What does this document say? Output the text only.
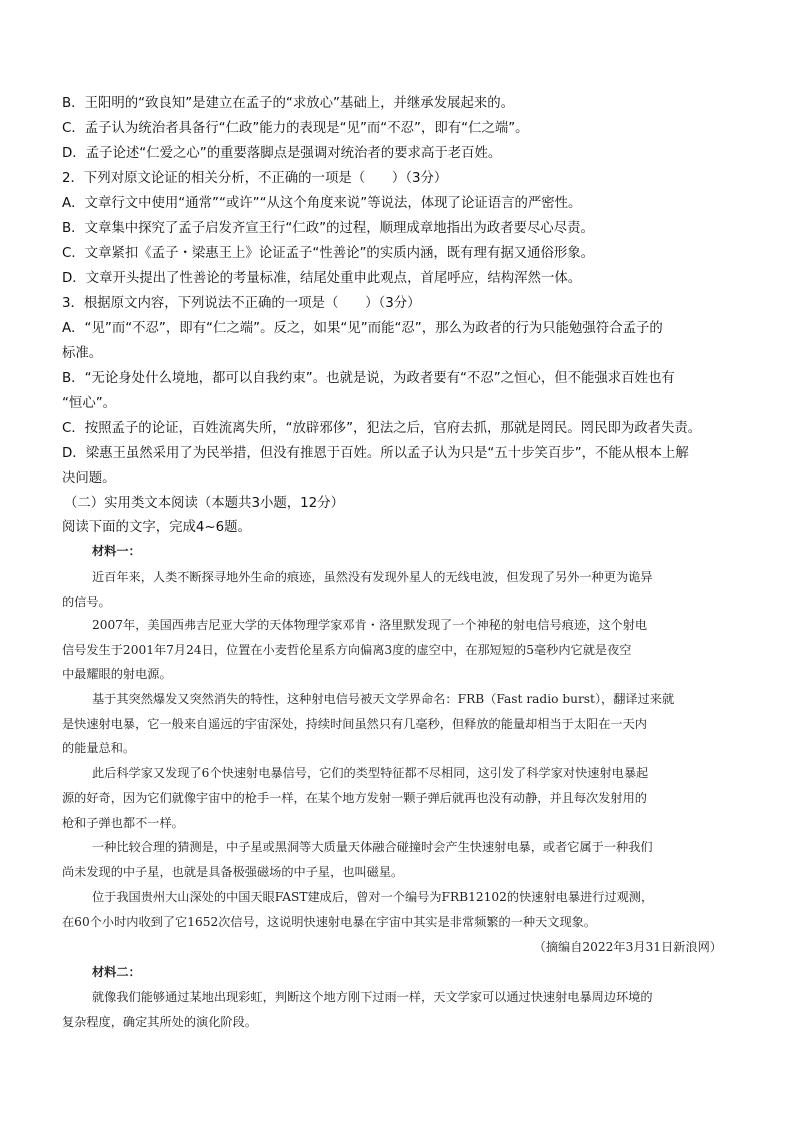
B．王阳明的“致良知”是建立在孟子的“求放心”基础上，并继承发展起来的。
C．孟子认为统治者具备行“仁政”能力的表现是“见”而“不忍”，即有“仁之端”。
D．孟子论述“仁爱之心”的重要落脚点是强调对统治者的要求高于老百姓。
2．下列对原文论证的相关分析，不正确的一项是（　　）（3分）
A．文章行文中使用“通常”“或许”“从这个角度来说”等说法，体现了论证语言的严密性。
B．文章集中探究了孟子启发齐宣王行“仁政”的过程，顺理成章地指出为政者要尽心尽责。
C．文章紧扣《孟子・梁惠王上》论证孟子“性善论”的实质内涵，既有理有据又通俗形象。
D．文章开头提出了性善论的考量标准，结尾处重申此观点，首尾呼应，结构浑然一体。
3．根据原文内容，下列说法不正确的一项是（　　）（3分）
A．“见”而“不忍”，即有“仁之端”。反之，如果“见”而能“忍”，那么为政者的行为只能勉强符合孟子的
标准。
B．“无论身处什么境地，都可以自我约束”。也就是说，为政者要有“不忍”之恒心，但不能强求百姓也有
“恒心”。
C．按照孟子的论证，百姓流离失所，“放辟邪侈”，犯法之后，官府去抓，那就是罔民。罔民即为政者失责。
D．梁惠王虽然采用了为民举措，但没有推恩于百姓。所以孟子认为只是“五十步笑百步”，不能从根本上解
决问题。
（二）实用类文本阅读（本题共3小题，12分）
阅读下面的文字，完成4~6题。
材料一：
近百年来，人类不断探寻地外生命的痕迹，虽然没有发现外星人的无线电波，但发现了另外一种更为诡异
的信号。
2007年，美国西弗吉尼亚大学的天体物理学家邓肯・洛里默发现了一个神秘的射电信号痕迹，这个射电
信号发生于2001年7月24日，位置在小麦哲伦星系方向偏离3度的虚空中，在那短短的5毫秒内它就是夜空
中最耀眼的射电源。
基于其突然爆发又突然消失的特性，这种射电信号被天文学界命名：FRB（Fast radio burst），翻译过来就
是快速射电暴，它一般来自遥远的宇宙深处，持续时间虽然只有几毫秒，但释放的能量却相当于太阳在一天内
的能量总和。
此后科学家又发现了6个快速射电暴信号，它们的类型特征都不尽相同，这引发了科学家对快速射电暴起
源的好奇，因为它们就像宇宙中的枪手一样，在某个地方发射一颗子弹后就再也没有动静，并且每次发射用的
枪和子弹也都不一样。
一种比较合理的猜测是，中子星或黑洞等大质量天体融合碰撞时会产生快速射电暴，或者它属于一种我们
尚未发现的中子星，也就是具备极强磁场的中子星，也叫磁星。
位于我国贵州大山深处的中国天眼FAST建成后，曾对一个编号为FRB12102的快速射电暴进行过观测，
在60个小时内收到了它1652次信号，这说明快速射电暴在宇宙中其实是非常频繁的一种天文现象。
（摘编自2022年3月31日新浪网）
材料二：
就像我们能够通过某地出现彩虹，判断这个地方刚下过雨一样，天文学家可以通过快速射电暴周边环境的
复杂程度，确定其所处的演化阶段。
